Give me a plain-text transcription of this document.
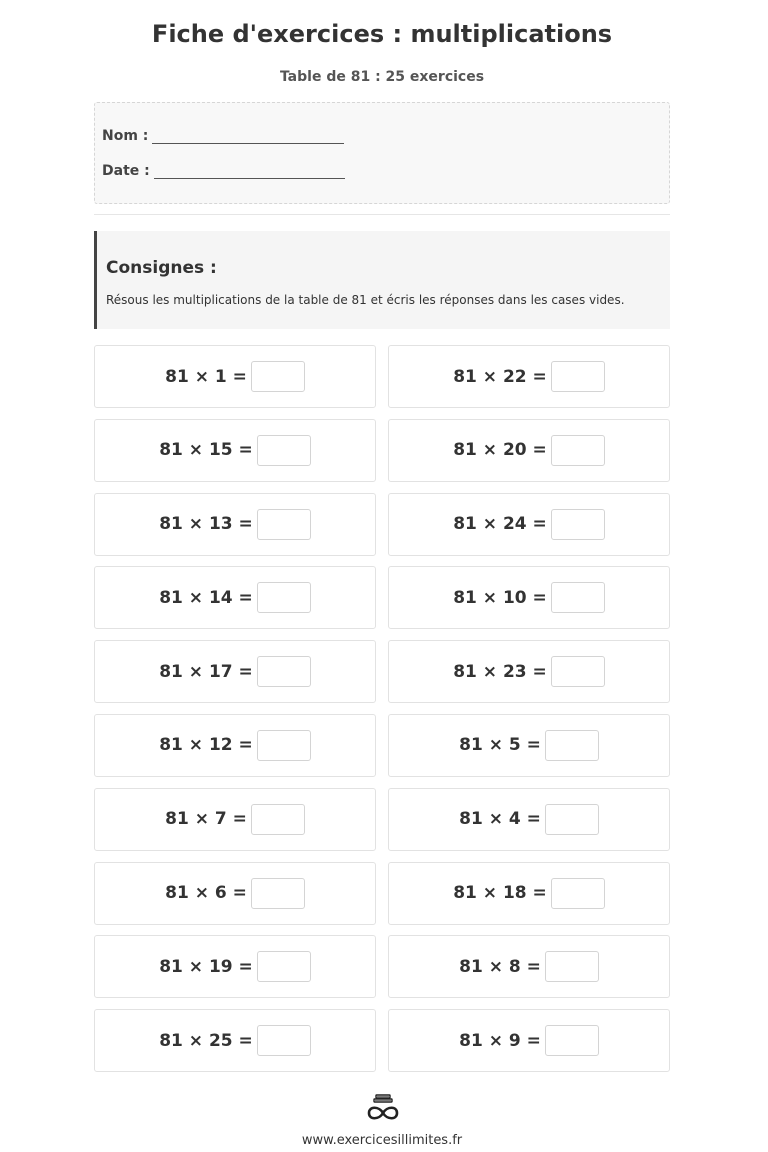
Fiche d'exercices : multiplications
Table de 81 : 25 exercices
Nom :
Date :
Consignes :
Résous les multiplications de la table de 81 et écris les réponses dans les cases vides.
81 × 1 =	81 × 22 =
81 × 15 =	81 × 20 =
81 × 13 =	81 × 24 =
81 × 14 =	81 × 10 =
81 × 17 =	81 × 23 =
81 × 12 =	81 × 5 =
81 × 7 =	81 × 4 =
81 × 6 =	81 × 18 =
81 × 19 =	81 × 8 =
81 × 25 =	81 × 9 =
www.exercicesillimites.fr
